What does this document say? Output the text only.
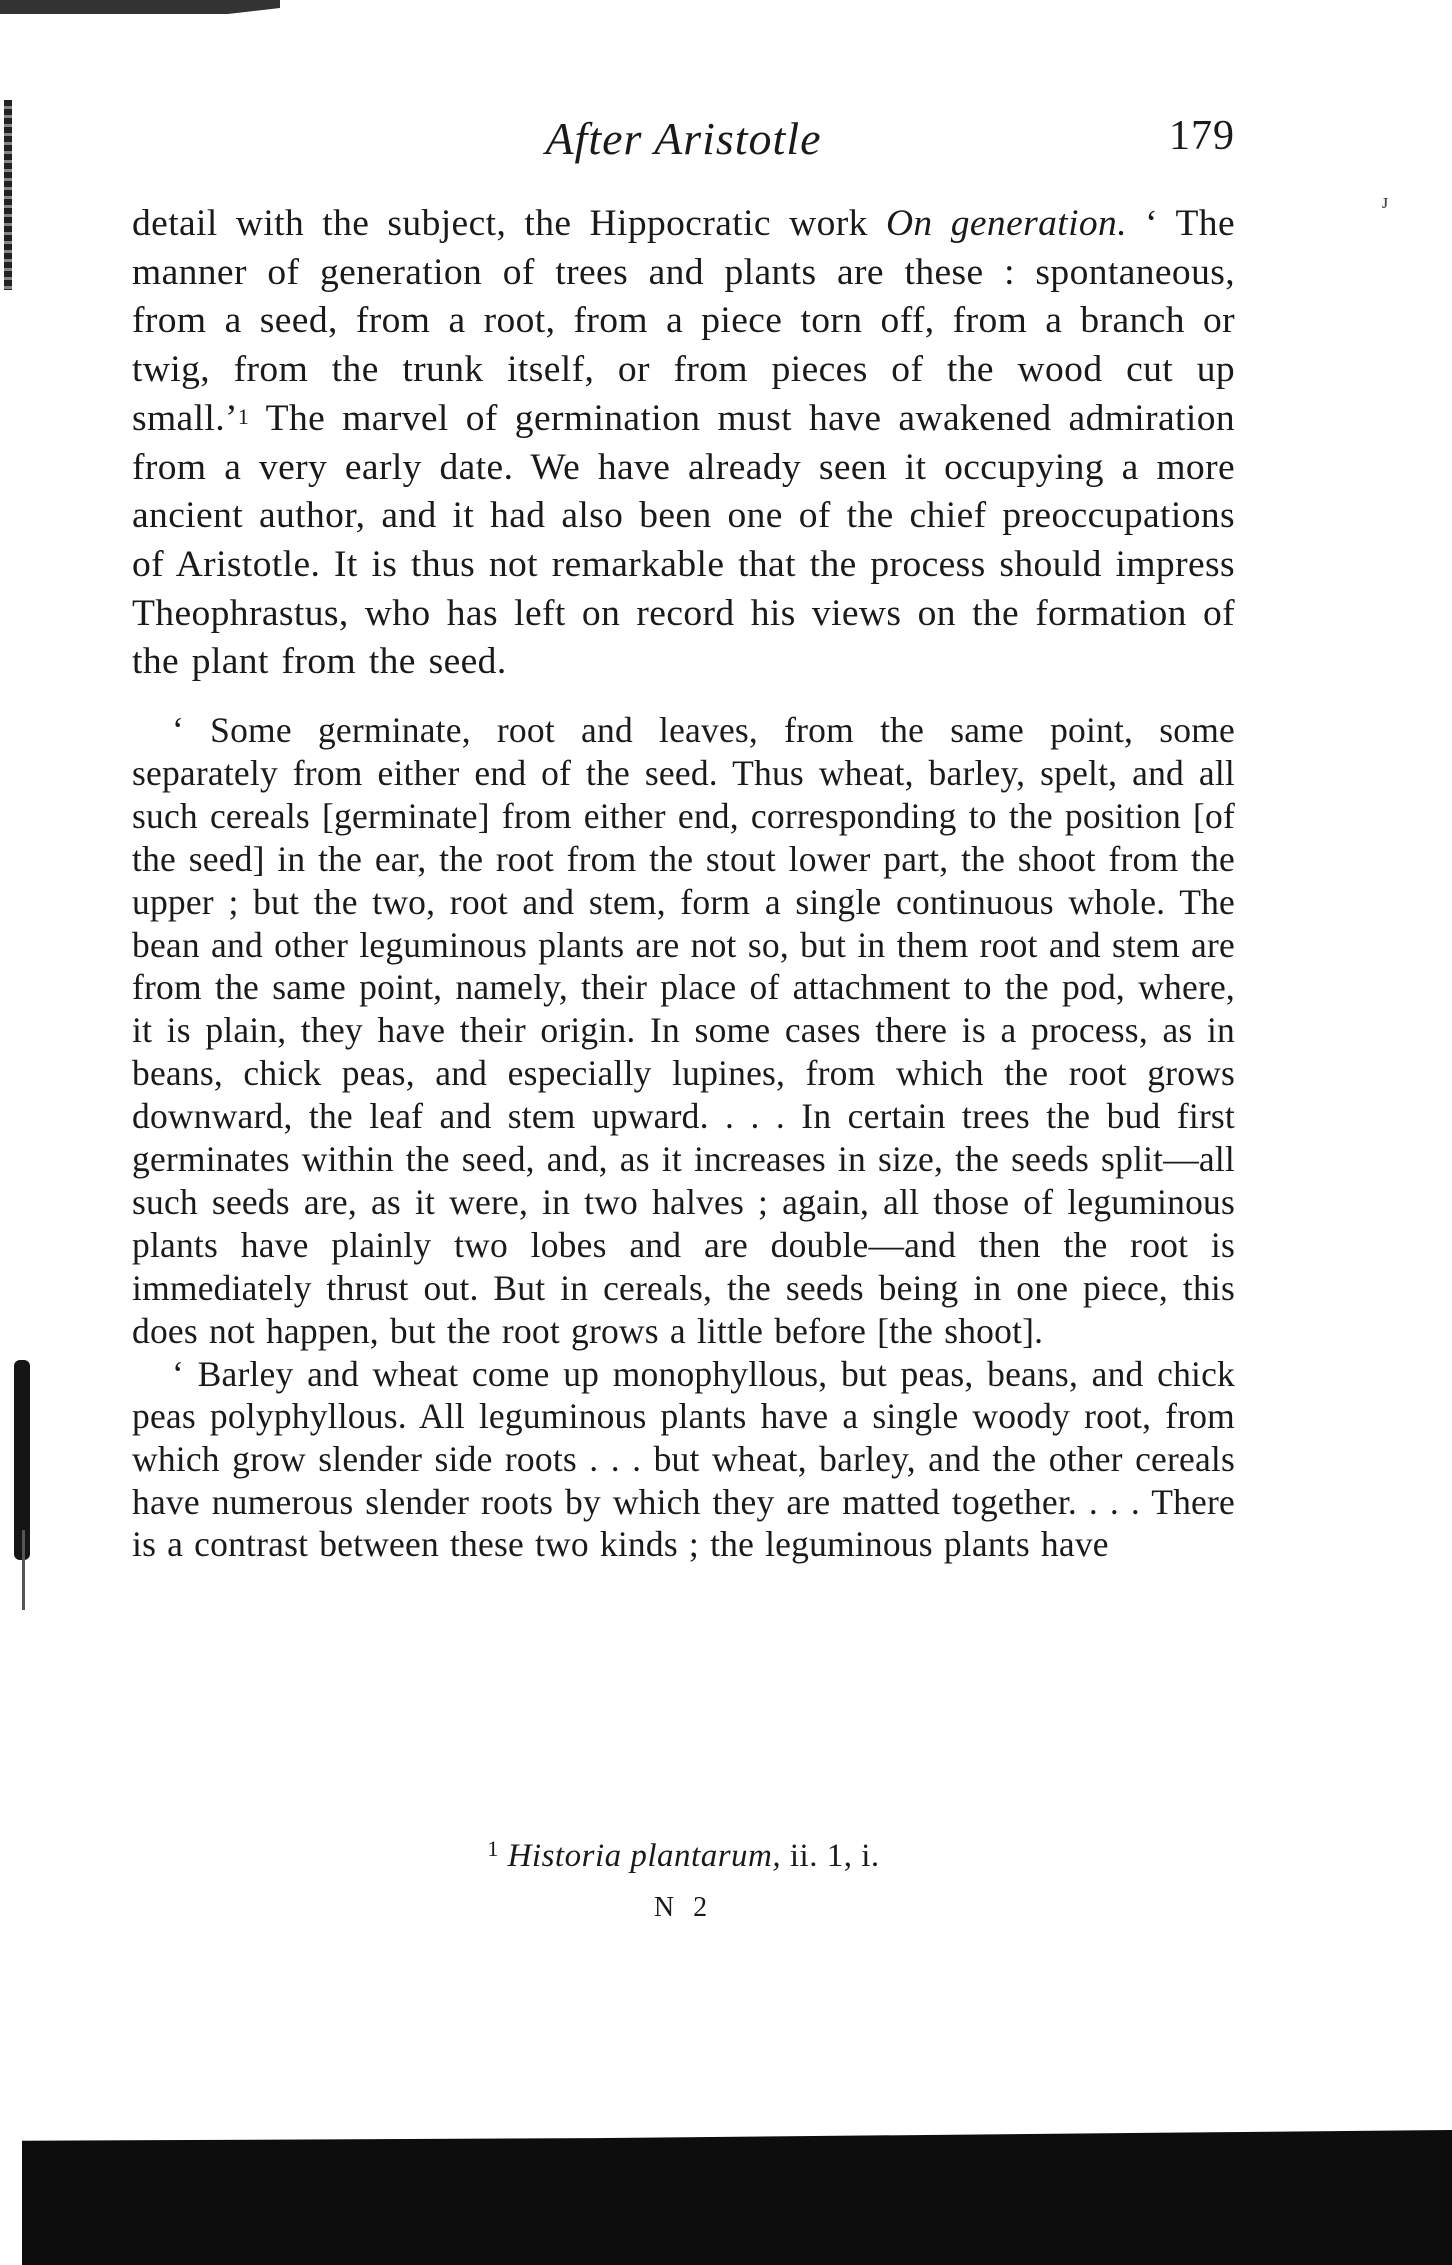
ᴊ
After Aristotle	179

detail with the subject, the Hippocratic work On generation. ‘ The manner of generation of trees and plants are these : spontaneous, from a seed, from a root, from a piece torn off, from a branch or twig, from the trunk itself, or from pieces of the wood cut up small.’$^1$ The marvel of germination must have awakened admiration from a very early date. We have already seen it occupying a more ancient author, and it had also been one of the chief preoccupations of Aristotle. It is thus not remarkable that the process should impress Theophrastus, who has left on record his views on the formation of the plant from the seed.

‘ Some germinate, root and leaves, from the same point, some separately from either end of the seed. Thus wheat, barley, spelt, and all such cereals [germinate] from either end, corresponding to the position [of the seed] in the ear, the root from the stout lower part, the shoot from the upper ; but the two, root and stem, form a single continuous whole. The bean and other leguminous plants are not so, but in them root and stem are from the same point, namely, their place of attachment to the pod, where, it is plain, they have their origin. In some cases there is a process, as in beans, chick peas, and especially lupines, from which the root grows downward, the leaf and stem upward. . . . In certain trees the bud first germinates within the seed, and, as it increases in size, the seeds split—all such seeds are, as it were, in two halves ; again, all those of leguminous plants have plainly two lobes and are double—and then the root is immediately thrust out. But in cereals, the seeds being in one piece, this does not happen, but the root grows a little before [the shoot].

‘ Barley and wheat come up monophyllous, but peas, beans, and chick peas polyphyllous. All leguminous plants have a single woody root, from which grow slender side roots . . . but wheat, barley, and the other cereals have numerous slender roots by which they are matted together. . . . There is a contrast between these two kinds ; the leguminous plants have

$^1$ Historia plantarum, ii. 1, i.
N 2
